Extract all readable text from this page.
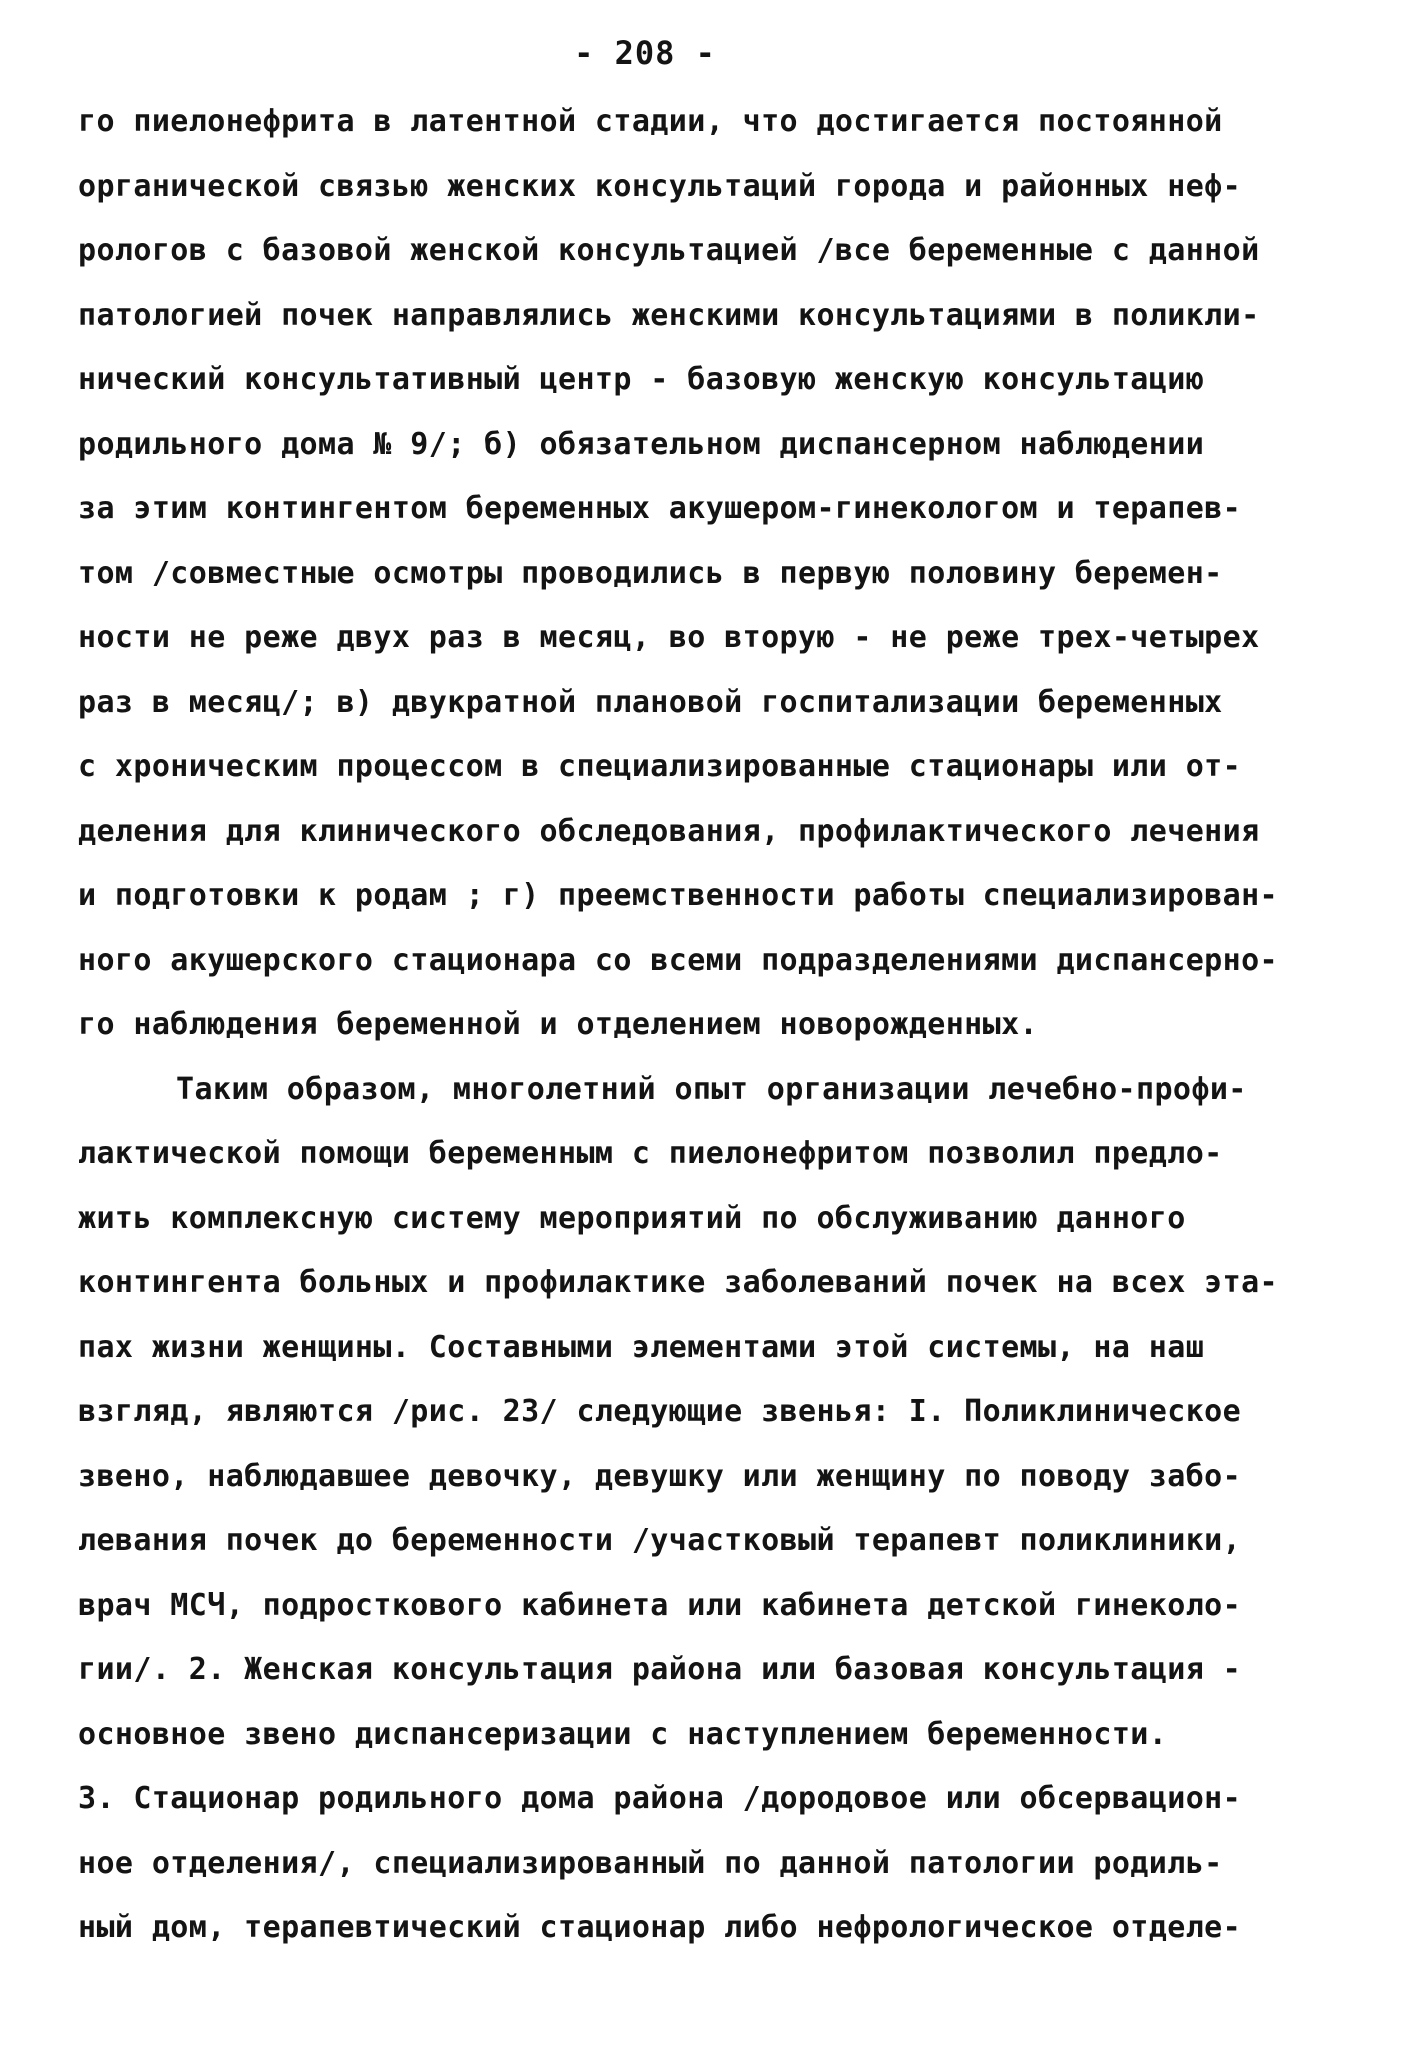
- 208 -
го пиелонефрита в латентной стадии, что достигается постоянной
органической связью женских консультаций города и районных неф-
рологов с базовой женской консультацией /все беременные с данной
патологией почек направлялись женскими консультациями в поликли-
нический консультативный центр - базовую женскую консультацию
родильного дома № 9/; б) обязательном диспансерном наблюдении
за этим контингентом беременных акушером-гинекологом и терапев-
том /совместные осмотры проводились в первую половину беремен-
ности не реже двух раз в месяц, во вторую - не реже трех-четырех
раз в месяц/; в) двукратной плановой госпитализации беременных
с хроническим процессом в специализированные стационары или от-
деления для клинического обследования, профилактического лечения
и подготовки к родам ; г) преемственности работы специализирован-
ного акушерского стационара со всеми подразделениями диспансерно-
го наблюдения беременной и отделением новорожденных.
Таким образом, многолетний опыт организации лечебно-профи-
лактической помощи беременным с пиелонефритом позволил предло-
жить комплексную систему мероприятий по обслуживанию данного
контингента больных и профилактике заболеваний почек на всех эта-
пах жизни женщины. Составными элементами этой системы, на наш
взгляд, являются /рис. 23/ следующие звенья: I. Поликлиническое
звено, наблюдавшее девочку, девушку или женщину по поводу забо-
левания почек до беременности /участковый терапевт поликлиники,
врач МСЧ, подросткового кабинета или кабинета детской гинеколо-
гии/. 2. Женская консультация района или базовая консультация -
основное звено диспансеризации с наступлением беременности.
3. Стационар родильного дома района /дородовое или обсервацион-
ное отделения/, специализированный по данной патологии родиль-
ный дом, терапевтический стационар либо нефрологическое отделе-
